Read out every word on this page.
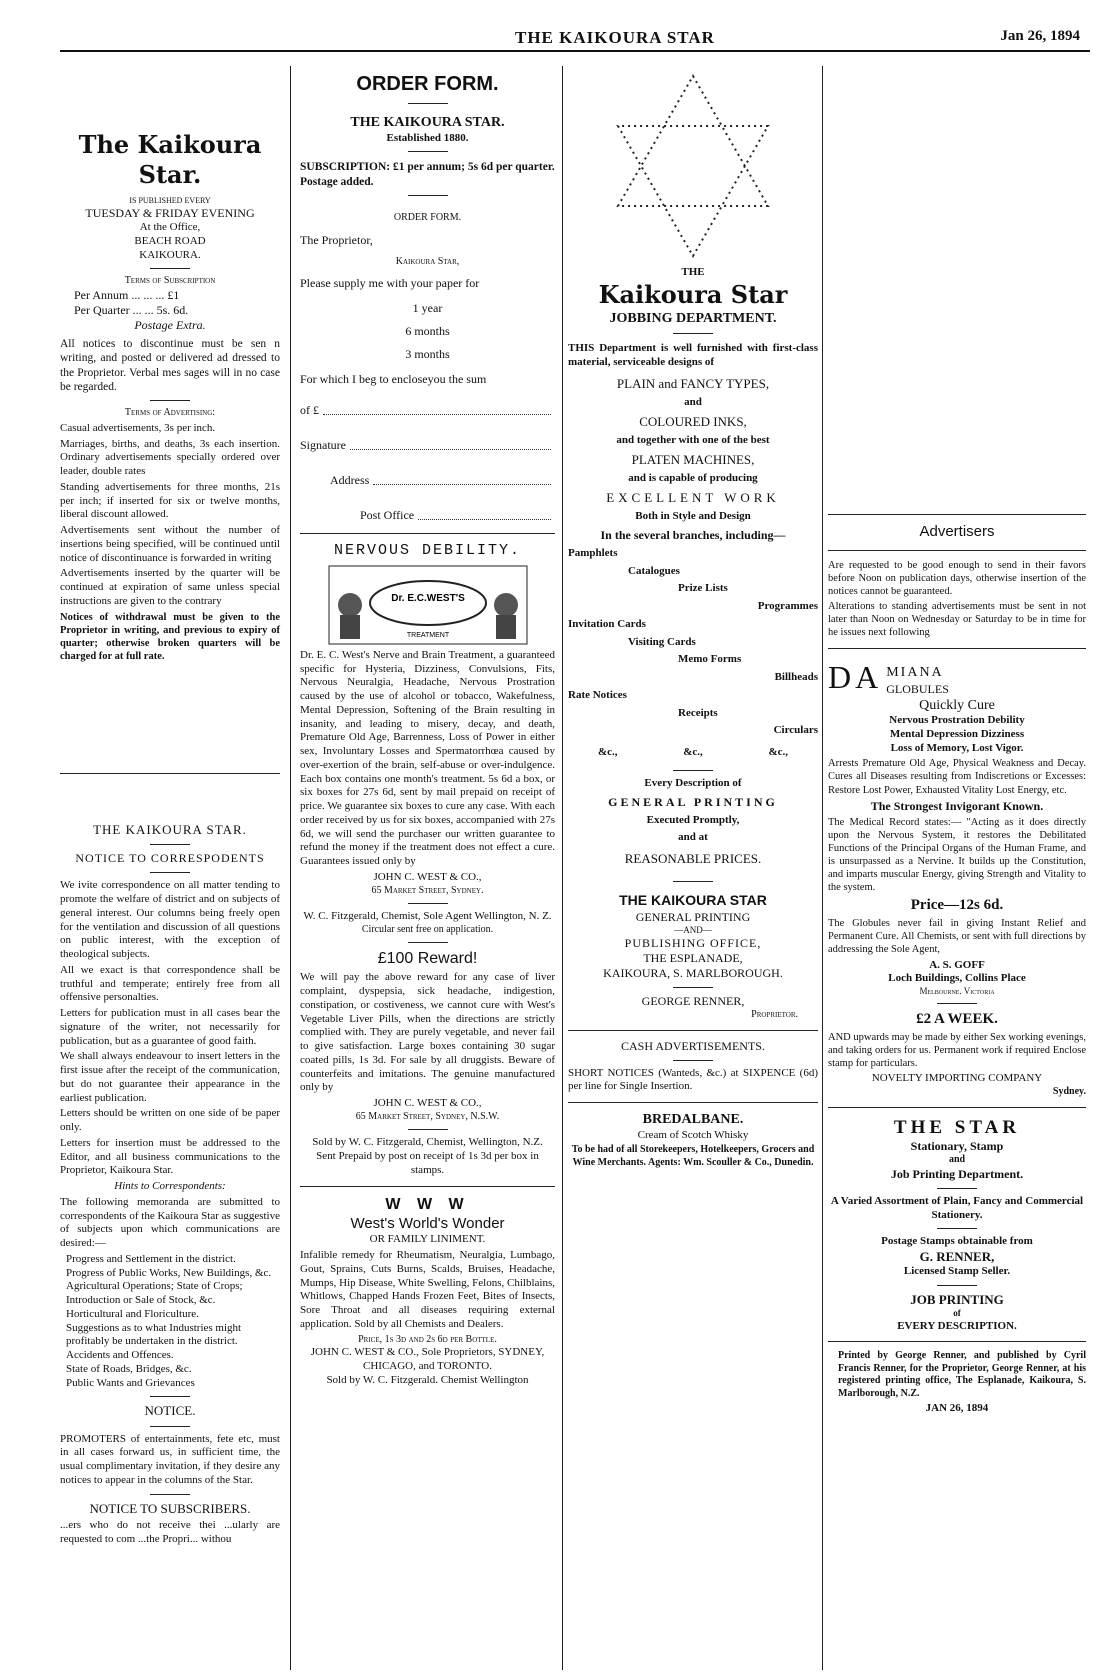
THE KAIKOURA STAR	Jan 26, 1894
The Kaikoura Star.
IS PUBLISHED EVERY
TUESDAY & FRIDAY EVENING
At the Office,
BEACH ROAD
KAIKOURA.
Terms of Subscription
Per Annum ... ... ... £1
Per Quarter ... ... 5s. 6d.
Postage Extra.

All notices to discontinue must be sen n writing, and posted or delivered ad dressed to the Proprietor. Verbal mes sages will in no case be regarded.

Terms of Advertising:

Casual advertisements, 3s per inch.

Marriages, births, and deaths, 3s each insertion. Ordinary advertisements specially ordered over leader, double rates

Standing advertisements for three months, 21s per inch; if inserted for six or twelve months, liberal discount allowed.

Advertisements sent without the number of insertions being specified, will be continued until notice of discontinuance is forwarded in writing

Advertisements inserted by the quarter will be continued at expiration of same unless special instructions are given to the contrary

Notices of withdrawal must be given to the Proprietor in writing, and previous to expiry of quarter; otherwise broken quarters will be charged for at full rate.

THE KAIKOURA STAR.
NOTICE TO CORRESPODENTS

We ivite correspondence on all matter tending to promote the welfare of district and on subjects of general interest. Our columns being freely open for the ventilation and discussion of all questions on public interest, with the exception of theological subjects.

All we exact is that correspondence shall be truthful and temperate; entirely free from all offensive personalties.

Letters for publication must in all cases bear the signature of the writer, not necessarily for publication, but as a guarantee of good faith.

We shall always endeavour to insert letters in the first issue after the receipt of the communication, but do not guarantee their appearance in the earliest publication.

Letters should be written on one side of be paper only.

Letters for insertion must be addressed to the Editor, and all business communications to the Proprietor, Kaikoura Star.

Hints to Correspondents:

The following memoranda are submitted to correspondents of the Kaikoura Star as suggestive of subjects upon which communications are desired:—

Progress and Settlement in the district.
Progress of Public Works, New Buildings, &c.
Agricultural Operations; State of Crops; Introduction or Sale of Stock, &c.
Horticultural and Floriculture.
Suggestions as to what Industries might profitably be undertaken in the district.
Accidents and Offences.
State of Roads, Bridges, &c.
Public Wants and Grievances
NOTICE.

PROMOTERS of entertainments, fete etc, must in all cases forward us, in sufficient time, the usual complimentary invitation, if they desire any notices to appear in the columns of the Star.

NOTICE TO SUBSCRIBERS.

...ers who do not receive thei ...ularly are requested to com ...the Propri... withou

ORDER FORM.
THE KAIKOURA STAR.
Established 1880.

SUBSCRIPTION: £1 per annum; 5s 6d per quarter. Postage added.

ORDER FORM.
The Proprietor,
Kaikoura Star,

Please supply me with your paper for

1 year
6 months
3 months

For which I beg to encloseyou the sum

of £
Signature
Address
Post Office
NERVOUS DEBILITY.
Dr. E.C.WEST'S
TREATMENT

Dr. E. C. West's Nerve and Brain Treatment, a guaranteed specific for Hysteria, Dizziness, Convulsions, Fits, Nervous Neuralgia, Headache, Nervous Prostration caused by the use of alcohol or tobacco, Wakefulness, Mental Depression, Softening of the Brain resulting in insanity, and leading to misery, decay, and death, Premature Old Age, Barrenness, Loss of Power in either sex, Involuntary Losses and Spermatorrhœa caused by over-exertion of the brain, self-abuse or over-indulgence. Each box contains one month's treatment. 5s 6d a box, or six boxes for 27s 6d, sent by mail prepaid on receipt of price. We guarantee six boxes to cure any case. With each order received by us for six boxes, accompanied with 27s 6d, we will send the purchaser our written guarantee to refund the money if the treatment does not effect a cure. Guarantees issued only by

JOHN C. WEST & CO.,
65 Market Street, Sydney.
W. C. Fitzgerald, Chemist, Sole Agent Wellington, N. Z.
Circular sent free on application.
£100 Reward!

We will pay the above reward for any case of liver complaint, dyspepsia, sick headache, indigestion, constipation, or costiveness, we cannot cure with West's Vegetable Liver Pills, when the directions are strictly complied with. They are purely vegetable, and never fail to give satisfaction. Large boxes containing 30 sugar coated pills, 1s 3d. For sale by all druggists. Beware of counterfeits and imitations. The genuine manufactured only by

JOHN C. WEST & CO.,
65 Market Street, Sydney, N.S.W.
Sold by W. C. Fitzgerald, Chemist, Wellington, N.Z.
Sent Prepaid by post on receipt of 1s 3d per box in stamps.
W W W
West's World's Wonder
OR FAMILY LINIMENT.

Infalible remedy for Rheumatism, Neuralgia, Lumbago, Gout, Sprains, Cuts Burns, Scalds, Bruises, Headache, Mumps, Hip Disease, White Swelling, Felons, Chilblains, Whitlows, Chapped Hands Frozen Feet, Bites of Insects, Sore Throat and all diseases requiring external application. Sold by all Chemists and Dealers.

Price, 1s 3d and 2s 6d per Bottle.
JOHN C. WEST & CO., Sole Proprietors, SYDNEY, CHICAGO, and TORONTO.
Sold by W. C. Fitzgerald. Chemist Wellington
THE
Kaikoura Star
JOBBING DEPARTMENT.

THIS Department is well furnished with first-class material, serviceable designs of

PLAIN and FANCY TYPES,
and
COLOURED INKS,
and together with one of the best
PLATEN MACHINES,
and is capable of producing
EXCELLENT WORK
Both in Style and Design
In the several branches, including—
Pamphlets
Catalogues
Prize Lists
Programmes
Invitation Cards
Visiting Cards
Memo Forms
Billheads
Rate Notices
Receipts
Circulars
&c.,	&c.,	&c.,
Every Description of
GENERAL PRINTING
Executed Promptly,
and at
REASONABLE PRICES.
THE KAIKOURA STAR
GENERAL PRINTING
—AND—
PUBLISHING OFFICE,
THE ESPLANADE,
KAIKOURA, S. MARLBOROUGH.
GEORGE RENNER,
Proprietor.
CASH ADVERTISEMENTS.

SHORT NOTICES (Wanteds, &c.) at SIXPENCE (6d) per line for Single Insertion.

BREDALBANE.
Cream of Scotch Whisky

To be had of all Storekeepers, Hotelkeepers, Grocers and Wine Merchants. Agents: Wm. Scouller & Co., Dunedin.

Advertisers

Are requested to be good enough to send in their favors before Noon on publication days, otherwise insertion of the notices cannot be guaranteed.

Alterations to standing advertisements must be sent in not later than Noon on Wednesday or Saturday to be in time for he issues next following

DA MIANA
GLOBULES
Quickly Cure
Nervous Prostration Debility
Mental Depression Dizziness
Loss of Memory, Lost Vigor.

Arrests Premature Old Age, Physical Weakness and Decay. Cures all Diseases resulting from Indiscretions or Excesses: Restore Lost Power, Exhausted Vitality Lost Energy, etc.

The Strongest Invigorant Known.

The Medical Record states:— "Acting as it does directly upon the Nervous System, it restores the Debilitated Functions of the Principal Organs of the Human Frame, and is unsurpassed as a Nervine. It builds up the Constitution, and imparts muscular Energy, giving Strength and Vitality to the system.

Price—12s 6d.

The Globules never fail in giving Instant Relief and Permanent Cure. All Chemists, or sent with full directions by addressing the Sole Agent,

A. S. GOFF
Loch Buildings, Collins Place
Melbourne. Victoria
£2 A WEEK.

AND upwards may be made by either Sex working evenings, and taking orders for us. Permanent work if required Enclose stamp for particulars.

NOVELTY IMPORTING COMPANY
Sydney.
THE STAR
Stationary, Stamp
and
Job Printing Department.

A Varied Assortment of Plain, Fancy and Commercial Stationery.

Postage Stamps obtainable from
G. RENNER,
Licensed Stamp Seller.
JOB PRINTING
of
EVERY DESCRIPTION.

Printed by George Renner, and published by Cyril Francis Renner, for the Proprietor, George Renner, at his registered printing office, The Esplanade, Kaikoura, S. Marlborough, N.Z.

JAN 26, 1894
